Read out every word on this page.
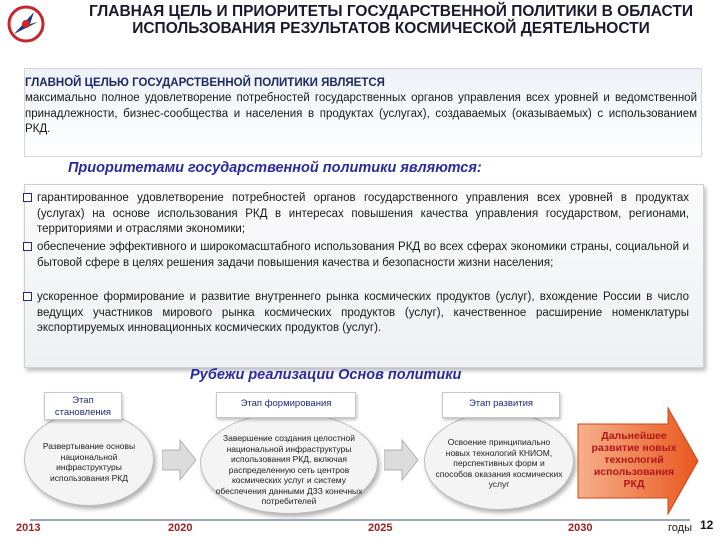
ГЛАВНАЯ ЦЕЛЬ И ПРИОРИТЕТЫ ГОСУДАРСТВЕННОЙ ПОЛИТИКИ В ОБЛАСТИ ИСПОЛЬЗОВАНИЯ РЕЗУЛЬТАТОВ КОСМИЧЕСКОЙ ДЕЯТЕЛЬНОСТИ
ГЛАВНОЙ ЦЕЛЬЮ ГОСУДАРСТВЕННОЙ ПОЛИТИКИ ЯВЛЯЕТСЯ
максимально полное удовлетворение потребностей государственных органов управления всех уровней и ведомственной принадлежности, бизнес-сообщества и населения в продуктах (услугах), создаваемых (оказываемых) с использованием РКД.
Приоритетами государственной политики являются:
гарантированное удовлетворение потребностей органов государственного управления всех уровней в продуктах (услугах) на основе использования РКД в интересах повышения качества управления государством, регионами, территориями и отраслями экономики;
обеспечение эффективного и широкомасштабного использования РКД во всех сферах экономики страны, социальной и бытовой сфере в целях решения задачи повышения качества и безопасности жизни населения;
ускоренное формирование и развитие внутреннего рынка космических продуктов (услуг), вхождение России в число ведущих участников мирового рынка космических продуктов (услуг), качественное расширение номенклатуры экспортируемых инновационных космических продуктов (услуг).
Рубежи реализации Основ политики
Развертывание основы национальной инфраструктуры использования РКД
Этап становления
Завершение создания целостной национальной инфраструктуры использования РКД, включая распределенную сеть центров космических услуг и систему обеспечения данными ДЗЗ конечных потребителей
Этап формирования
Освоение принципиально новых технологий КНИОМ, перспективных форм и способов оказания космических услуг
Этап развития
Дальнейшее развитие новых технологий использования РКД
2013	2020	2025	2030	годы 12
